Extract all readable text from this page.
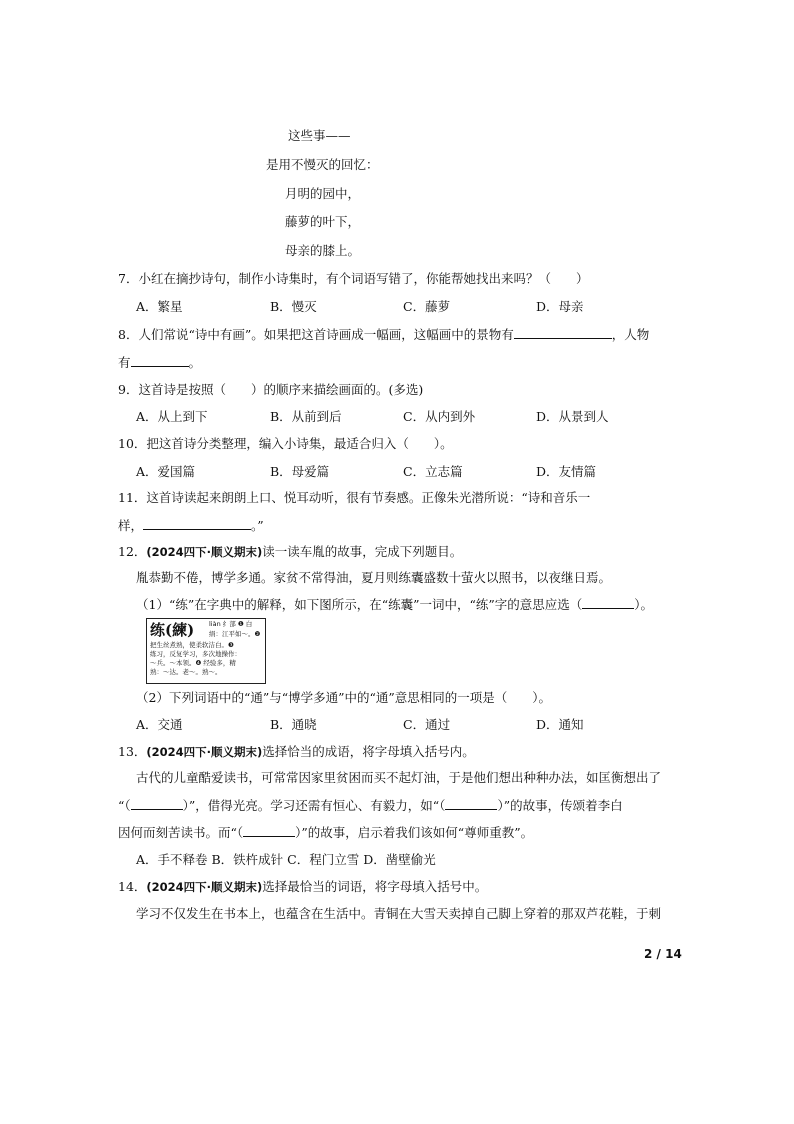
这些事——
是用不慢灭的回忆：
月明的园中，
藤萝的叶下，
母亲的膝上。
7．小红在摘抄诗句，制作小诗集时，有个词语写错了，你能帮她找出来吗？（　　）
A．繁星	B．慢灭	C．藤萝	D．母亲
8．人们常说“诗中有画”。如果把这首诗画成一幅画，这幅画中的景物有	，人物
有	。
9．这首诗是按照（　　）的顺序来描绘画面的。(多选)
A．从上到下	B．从前到后	C．从内到外	D．从景到人
10．把这首诗分类整理，编入小诗集，最适合归入（　　）。
A．爱国篇	B．母爱篇	C．立志篇	D．友情篇
11．这首诗读起来朗朗上口、悦耳动听，很有节奏感。正像朱光潜所说：“诗和音乐一
样，	。”
12．(2024四下·顺义期末)读一读车胤的故事，完成下列题目。
胤恭勤不倦，博学多通。家贫不常得油，夏月则练囊盛数十萤火以照书，以夜继日焉。
（1）“练”在字典中的解释，如下图所示，在“练囊”一词中，“练”字的意思应选（	）。
练(練) liàn 纟部 ❶ 白
绢：江平如～。❷
把生丝煮熟，使柔软洁白。❸
练习，反复学习，多次地操作：
～兵。～本领。❹ 经验多，精
熟：～达。老～。熟～。
（2）下列词语中的“通”与“博学多通”中的“通”意思相同的一项是（　　）。
A．交通	B．通晓	C．通过	D．通知
13．(2024四下·顺义期末)选择恰当的成语，将字母填入括号内。
古代的儿童酷爱读书，可常常因家里贫困而买不起灯油，于是他们想出种种办法，如匡衡想出了
“（	）”，借得光亮。学习还需有恒心、有毅力，如“（	）”的故事，传颂着李白
因何而刻苦读书。而“（	）”的故事，启示着我们该如何“尊师重教”。
A．手不释卷 B．铁杵成针 C．程门立雪 D．凿壁偷光
14．(2024四下·顺义期末)选择最恰当的词语，将字母填入括号中。
学习不仅发生在书本上，也蕴含在生活中。青铜在大雪天卖掉自己脚上穿着的那双芦花鞋，于刺
2 / 14
